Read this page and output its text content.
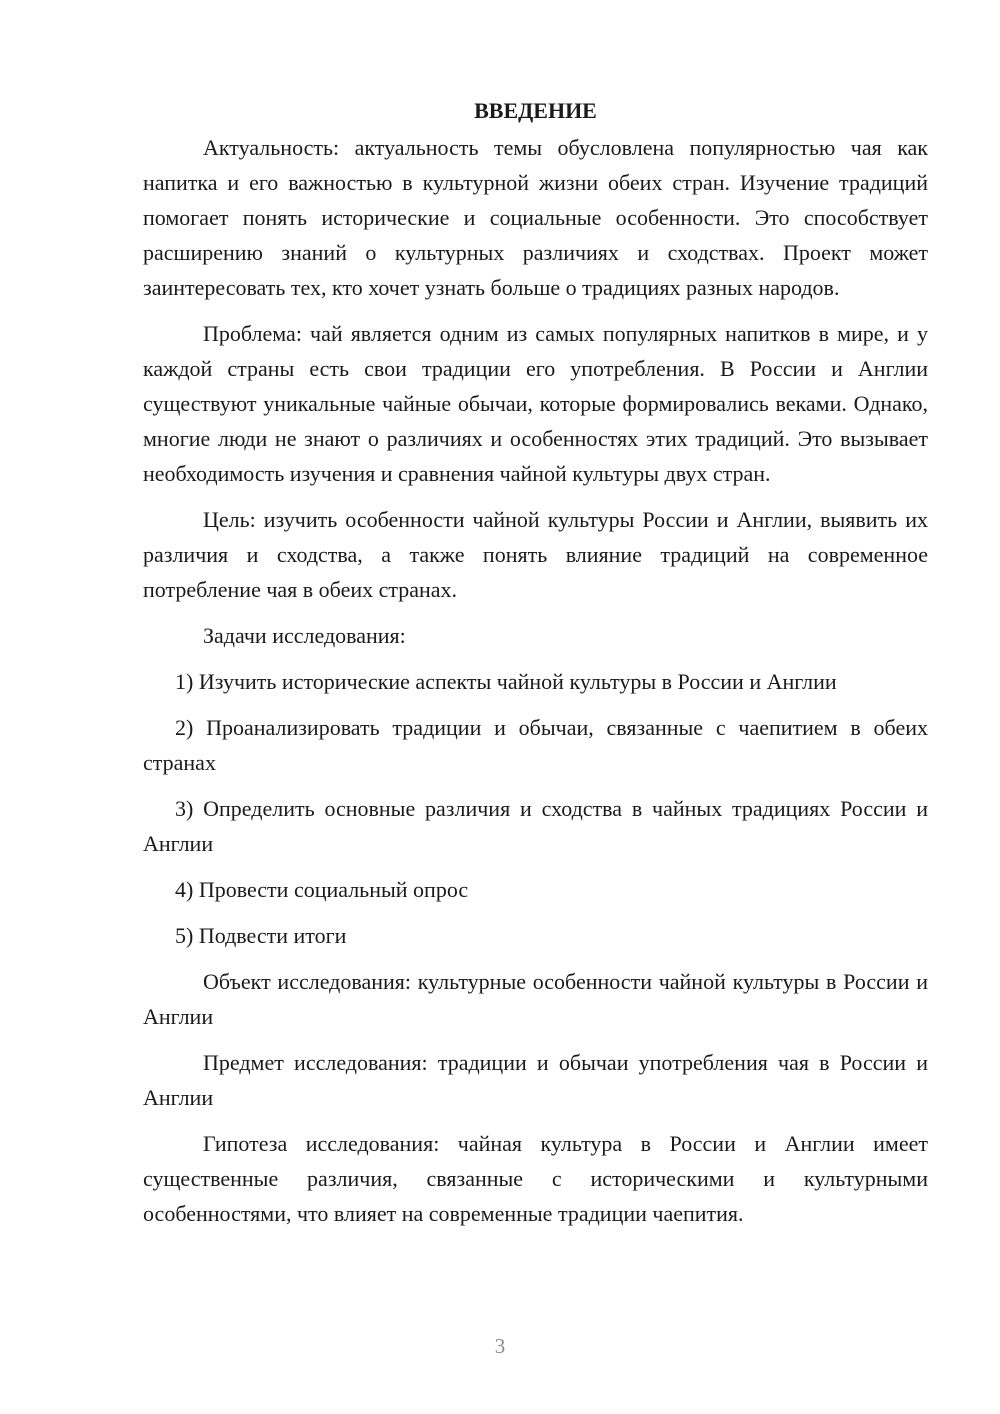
ВВЕДЕНИЕ

Актуальность: актуальность темы обусловлена популярностью чая как напитка и его важностью в культурной жизни обеих стран. Изучение традиций помогает понять исторические и социальные особенности. Это способствует расширению знаний о культурных различиях и сходствах. Проект может заинтересовать тех, кто хочет узнать больше о традициях разных народов.

Проблема: чай является одним из самых популярных напитков в мире, и у каждой страны есть свои традиции его употребления. В России и Англии существуют уникальные чайные обычаи, которые формировались веками. Однако, многие люди не знают о различиях и особенностях этих традиций. Это вызывает необходимость изучения и сравнения чайной культуры двух стран.

Цель: изучить особенности чайной культуры России и Англии, выявить их различия и сходства, а также понять влияние традиций на современное потребление чая в обеих странах.

Задачи исследования:

1) Изучить исторические аспекты чайной культуры в России и Англии

2) Проанализировать традиции и обычаи, связанные с чаепитием в обеих странах

3) Определить основные различия и сходства в чайных традициях России и Англии

4) Провести социальный опрос

5) Подвести итоги

Объект исследования: культурные особенности чайной культуры в России и Англии

Предмет исследования: традиции и обычаи употребления чая в России и Англии

Гипотеза исследования: чайная культура в России и Англии имеет существенные различия, связанные с историческими и культурными особенностями, что влияет на современные традиции чаепития.

3
